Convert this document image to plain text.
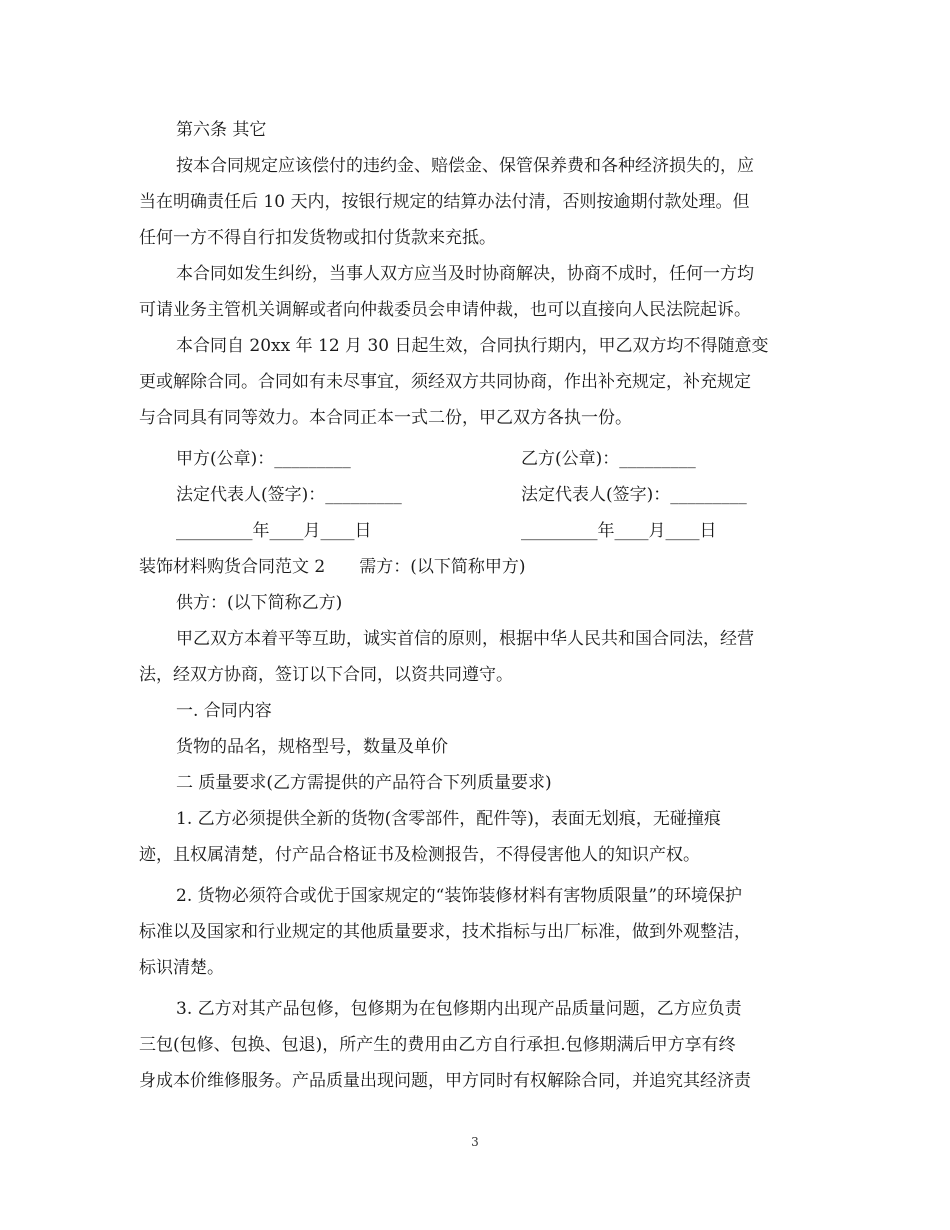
第六条 其它
按本合同规定应该偿付的违约金、赔偿金、保管保养费和各种经济损失的，应
当在明确责任后 10 天内，按银行规定的结算办法付清，否则按逾期付款处理。但
任何一方不得自行扣发货物或扣付货款来充抵。
本合同如发生纠纷，当事人双方应当及时协商解决，协商不成时，任何一方均
可请业务主管机关调解或者向仲裁委员会申请仲裁，也可以直接向人民法院起诉。
本合同自 20xx 年 12 月 30 日起生效，合同执行期内，甲乙双方均不得随意变
更或解除合同。合同如有未尽事宜，须经双方共同协商，作出补充规定，补充规定
与合同具有同等效力。本合同正本一式二份，甲乙双方各执一份。
甲方(公章)：_________	乙方(公章)：_________
法定代表人(签字)：_________	法定代表人(签字)：_________
_________年____月____日	_________年____月____日
装饰材料购货合同范文 2　　需方：(以下简称甲方)
供方：(以下简称乙方)
甲乙双方本着平等互助，诚实首信的原则，根据中华人民共和国合同法，经营
法，经双方协商，签订以下合同，以资共同遵守。
一. 合同内容
货物的品名，规格型号，数量及单价
二 质量要求(乙方需提供的产品符合下列质量要求)
1. 乙方必须提供全新的货物(含零部件，配件等)，表面无划痕，无碰撞痕
迹，且权属清楚，付产品合格证书及检测报告，不得侵害他人的知识产权。
2. 货物必须符合或优于国家规定的“装饰装修材料有害物质限量”的环境保护
标准以及国家和行业规定的其他质量要求，技术指标与出厂标准，做到外观整洁，
标识清楚。
3. 乙方对其产品包修，包修期为在包修期内出现产品质量问题，乙方应负责
三包(包修、包换、包退)，所产生的费用由乙方自行承担.包修期满后甲方享有终
身成本价维修服务。产品质量出现问题，甲方同时有权解除合同，并追究其经济责
3
